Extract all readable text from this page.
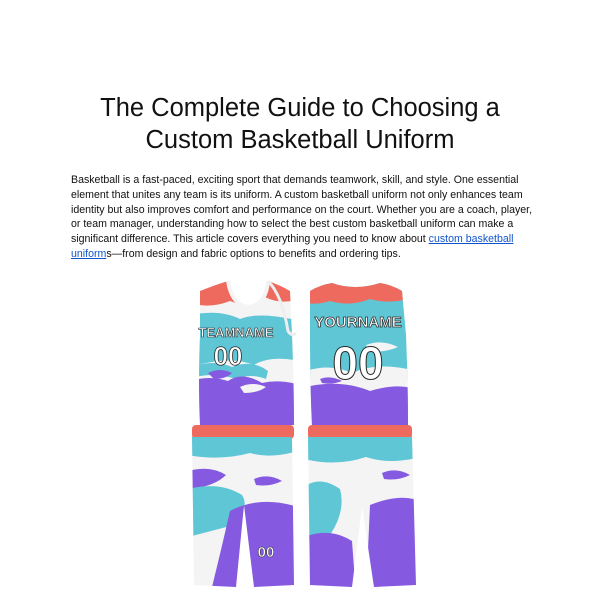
The Complete Guide to Choosing a
Custom Basketball Uniform

Basketball is a fast-paced, exciting sport that demands teamwork, skill, and style. One essential element that unites any team is its uniform. A custom basketball uniform not only enhances team identity but also improves comfort and performance on the court. Whether you are a coach, player, or team manager, understanding how to select the best custom basketball uniform can make a significant difference. This article covers everything you need to know about custom basketball uniforms—from design and fabric options to benefits and ordering tips.

TEAMNAME
00
YOURNAME
00
00
